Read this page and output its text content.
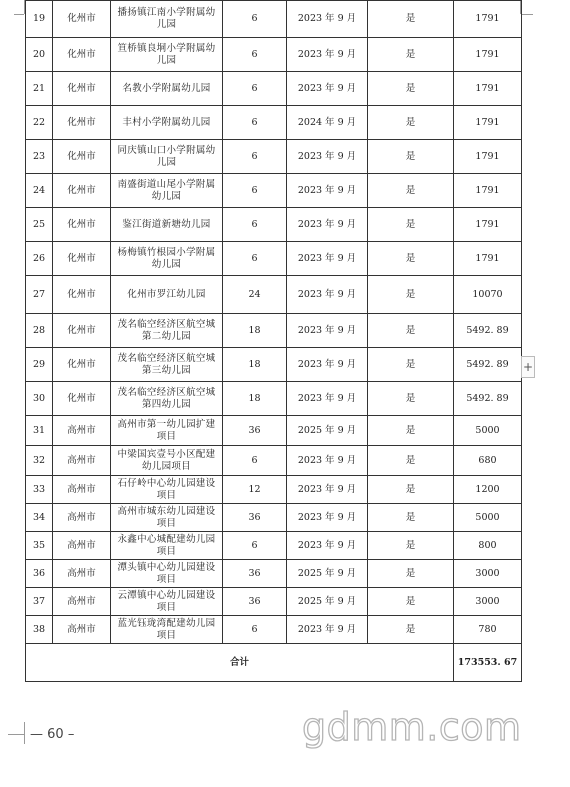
19	化州市	播扬镇江南小学附属幼儿园	6	2023 年 9 月	是	1791
20	化州市	笪桥镇良垌小学附属幼儿园	6	2023 年 9 月	是	1791
21	化州市	名教小学附属幼儿园	6	2023 年 9 月	是	1791
22	化州市	丰村小学附属幼儿园	6	2024 年 9 月	是	1791
23	化州市	同庆镇山口小学附属幼儿园	6	2023 年 9 月	是	1791
24	化州市	南盛街道山尾小学附属幼儿园	6	2023 年 9 月	是	1791
25	化州市	鉴江街道新塘幼儿园	6	2023 年 9 月	是	1791
26	化州市	杨梅镇竹根园小学附属幼儿园	6	2023 年 9 月	是	1791
27	化州市	化州市罗江幼儿园	24	2023 年 9 月	是	10070
28	化州市	茂名临空经济区航空城第二幼儿园	18	2023 年 9 月	是	5492. 89
29	化州市	茂名临空经济区航空城第三幼儿园	18	2023 年 9 月	是	5492. 89
30	化州市	茂名临空经济区航空城第四幼儿园	18	2023 年 9 月	是	5492. 89
31	高州市	高州市第一幼儿园扩建项目	36	2025 年 9 月	是	5000
32	高州市	中梁国宾壹号小区配建幼儿园项目	6	2023 年 9 月	是	680
33	高州市	石仔岭中心幼儿园建设项目	12	2023 年 9 月	是	1200
34	高州市	高州市城东幼儿园建设项目	36	2023 年 9 月	是	5000
35	高州市	永鑫中心城配建幼儿园项目	6	2023 年 9 月	是	800
36	高州市	潭头镇中心幼儿园建设项目	36	2025 年 9 月	是	3000
37	高州市	云潭镇中心幼儿园建设项目	36	2025 年 9 月	是	3000
38	高州市	蓝光钰珑湾配建幼儿园项目	6	2023 年 9 月	是	780
合计						173553. 67
+
— 60 –	gdmm.com
